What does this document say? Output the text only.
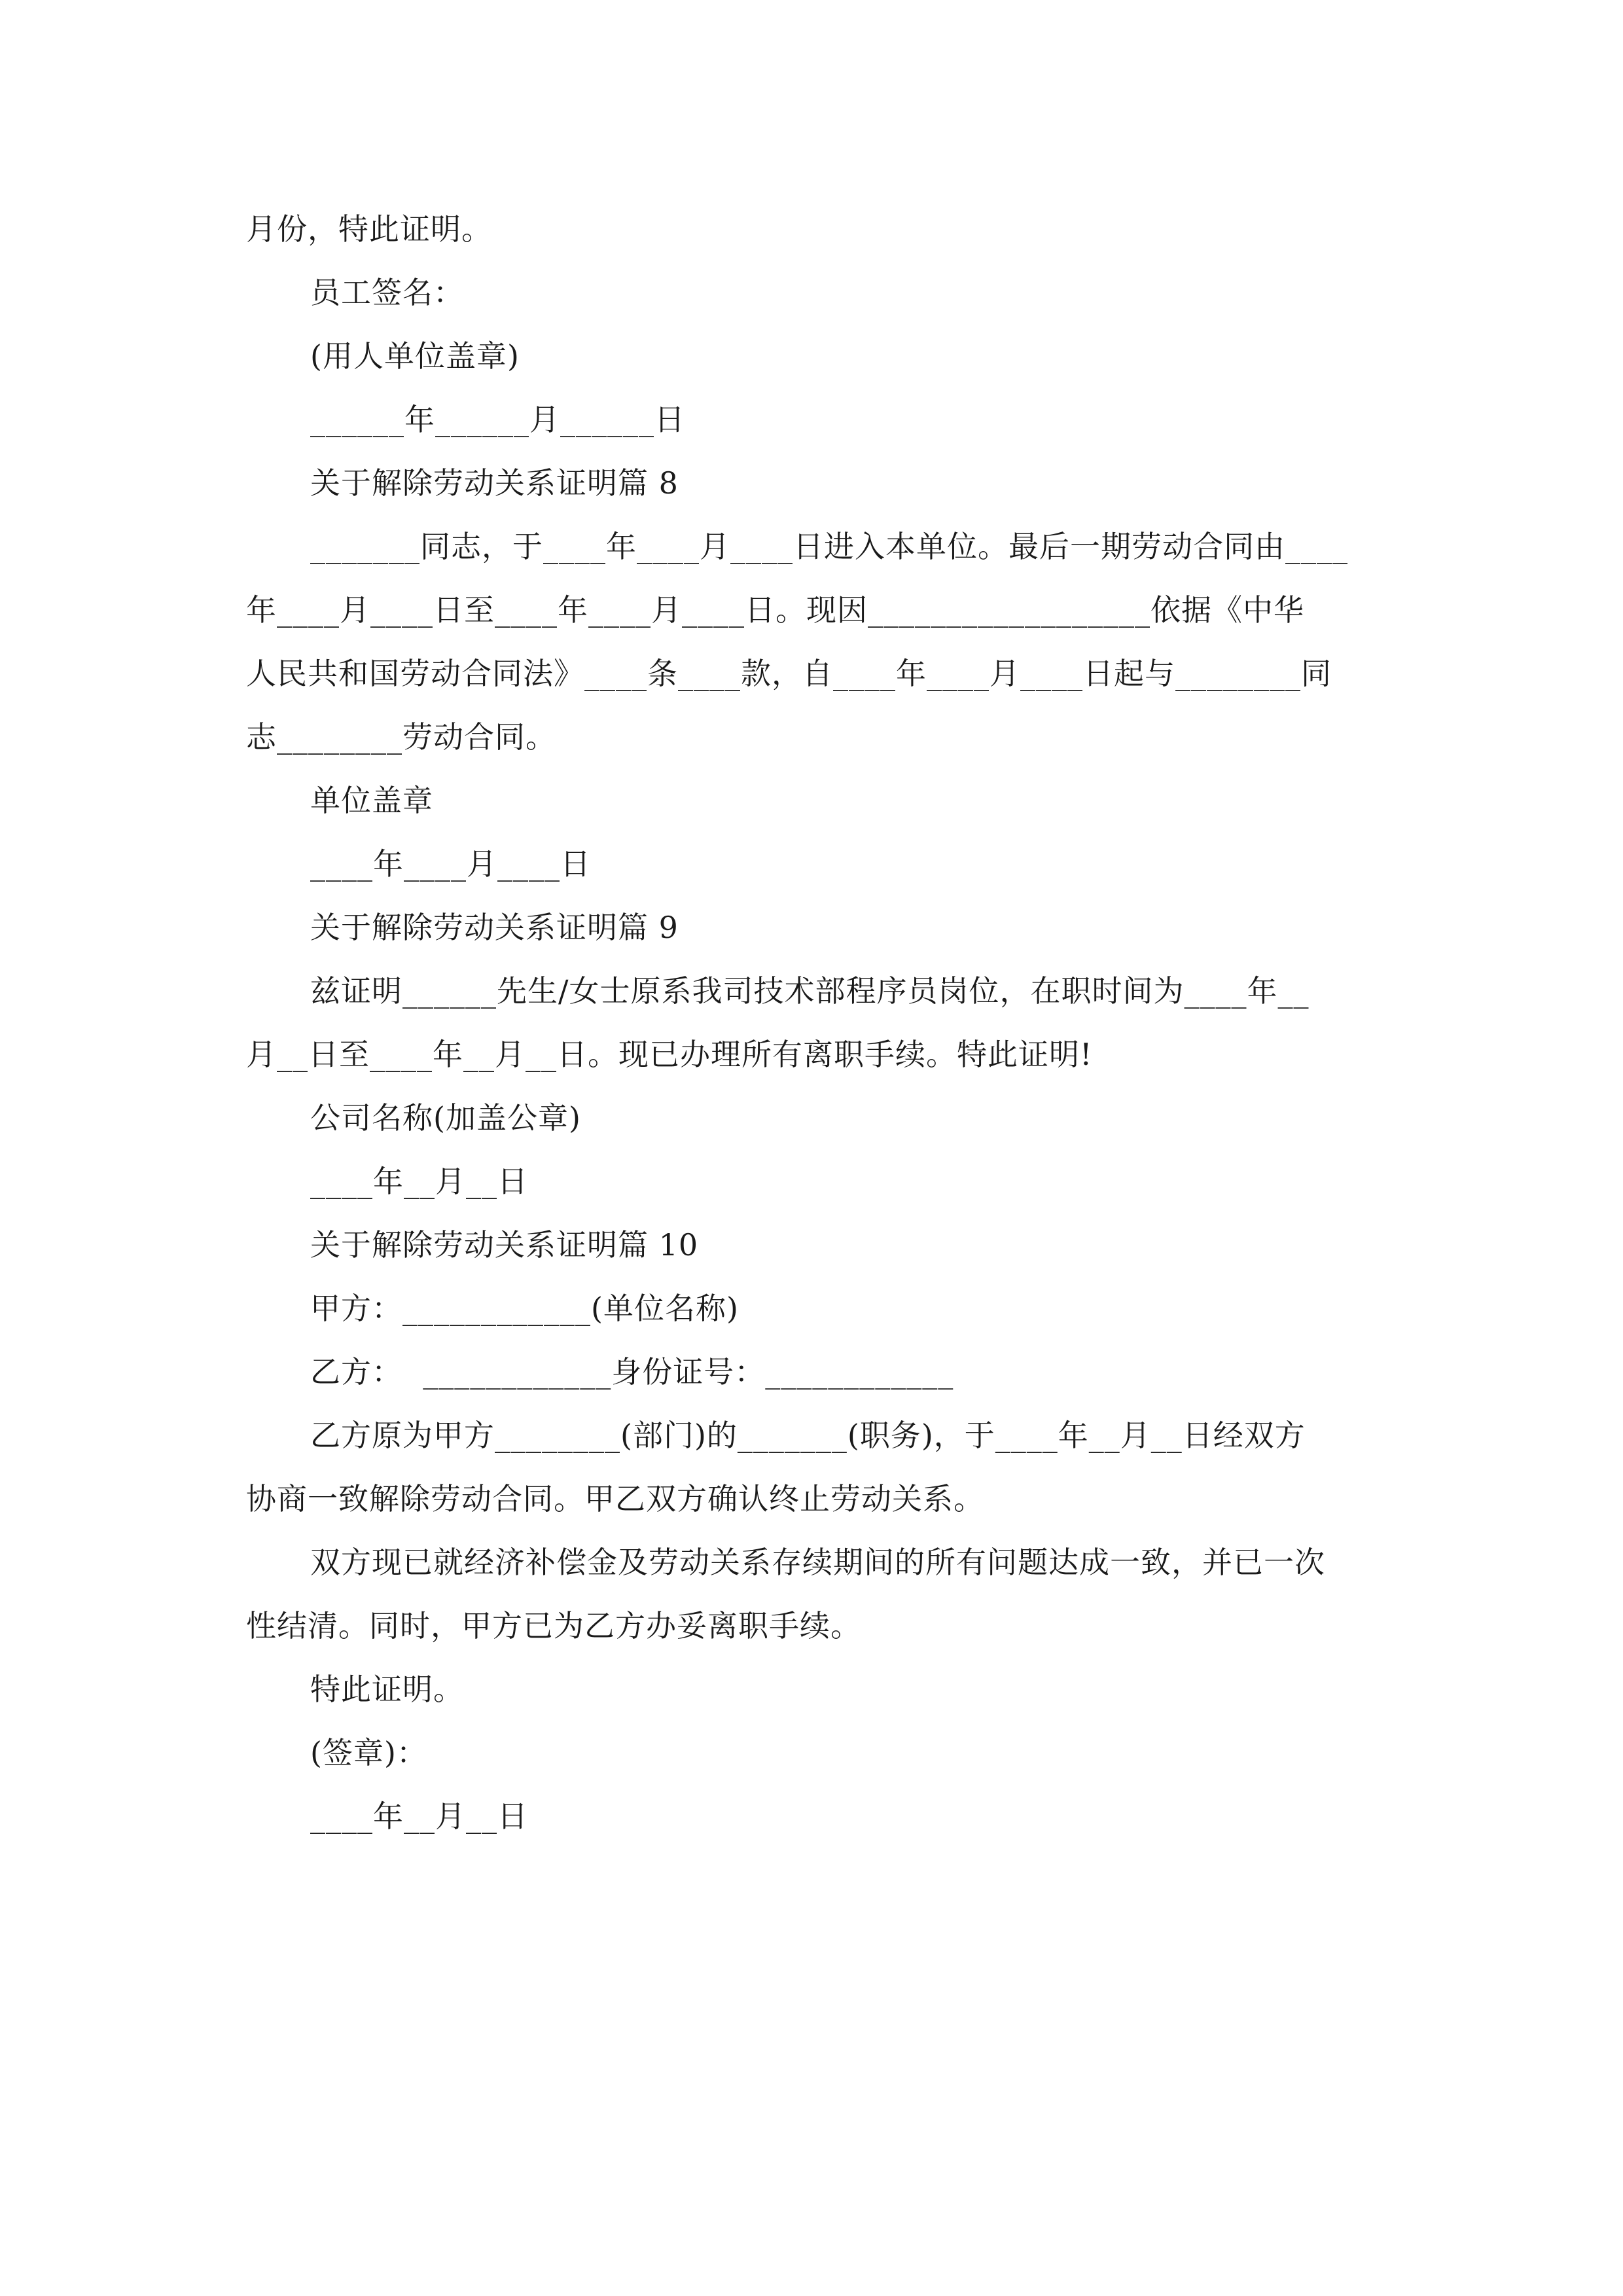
月份，特此证明。
员工签名：
(用人单位盖章)
______年______月______日
关于解除劳动关系证明篇 8
_______同志，于____年____月____日进入本单位。最后一期劳动合同由____
年____月____日至____年____月____日。现因__________________依据《中华
人民共和国劳动合同法》____条____款，自____年____月____日起与________同
志________劳动合同。
单位盖章
____年____月____日
关于解除劳动关系证明篇 9
兹证明______先生/女士原系我司技术部程序员岗位，在职时间为____年__
月__日至____年__月__日。现已办理所有离职手续。特此证明!
公司名称(加盖公章)
____年__月__日
关于解除劳动关系证明篇 10
甲方：____________(单位名称)
乙方：  ____________身份证号：____________
乙方原为甲方________(部门)的_______(职务)，于____年__月__日经双方
协商一致解除劳动合同。甲乙双方确认终止劳动关系。
双方现已就经济补偿金及劳动关系存续期间的所有问题达成一致，并已一次
性结清。同时，甲方已为乙方办妥离职手续。
特此证明。
(签章)：
____年__月__日
